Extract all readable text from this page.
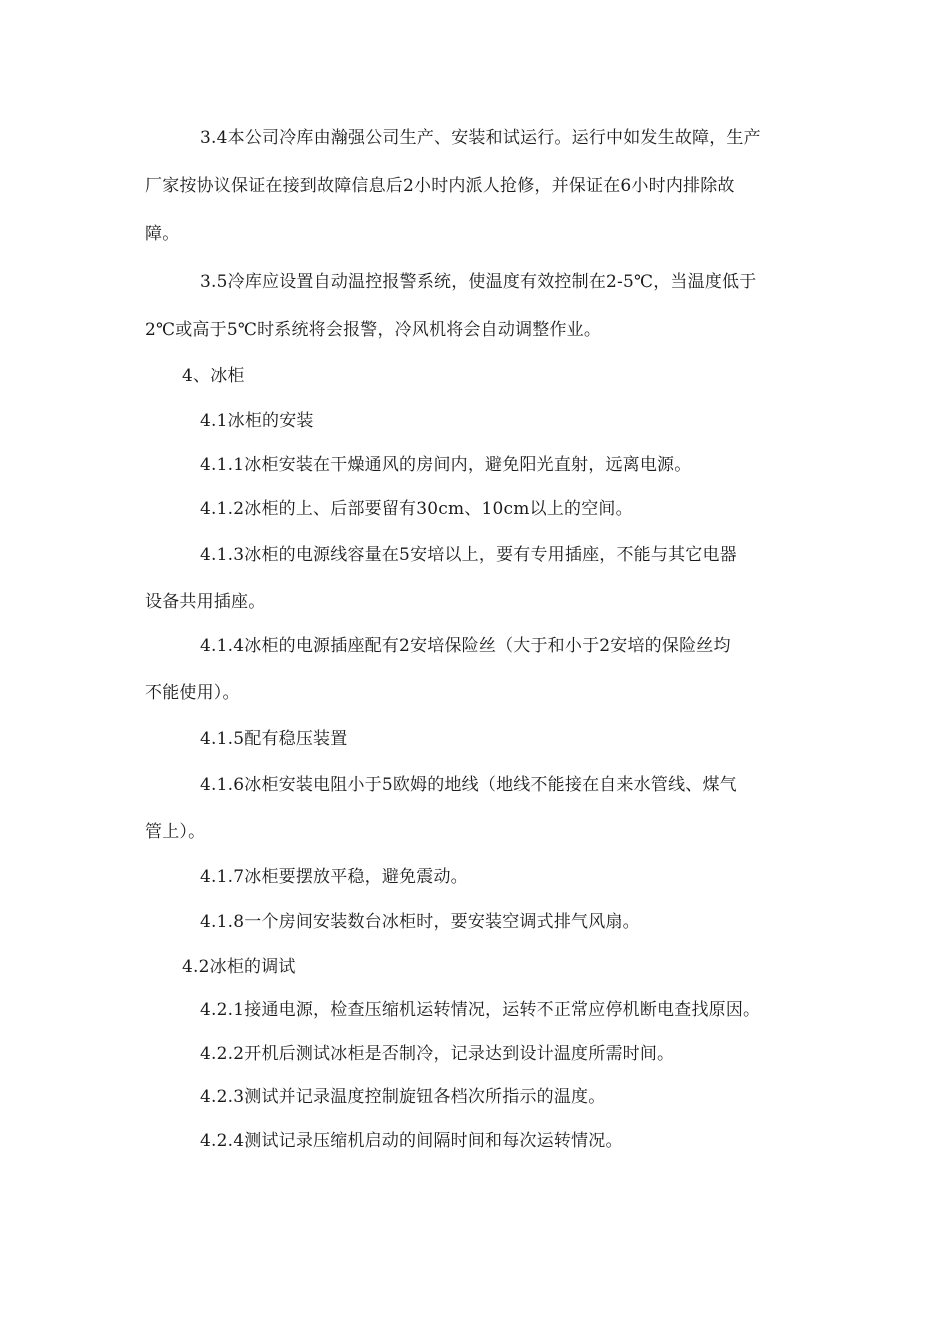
3.4本公司冷库由瀚强公司生产、安装和试运行。运行中如发生故障，生产
厂家按协议保证在接到故障信息后2小时内派人抢修，并保证在6小时内排除故
障。
3.5冷库应设置自动温控报警系统，使温度有效控制在2-5℃，当温度低于
2℃或高于5℃时系统将会报警，冷风机将会自动调整作业。
4、冰柜
4.1冰柜的安装
4.1.1冰柜安装在干燥通风的房间内，避免阳光直射，远离电源。
4.1.2冰柜的上、后部要留有30cm、10cm以上的空间。
4.1.3冰柜的电源线容量在5安培以上，要有专用插座，不能与其它电器
设备共用插座。
4.1.4冰柜的电源插座配有2安培保险丝（大于和小于2安培的保险丝均
不能使用）。
4.1.5配有稳压装置
4.1.6冰柜安装电阻小于5欧姆的地线（地线不能接在自来水管线、煤气
管上）。
4.1.7冰柜要摆放平稳，避免震动。
4.1.8一个房间安装数台冰柜时，要安装空调式排气风扇。
4.2冰柜的调试
4.2.1接通电源，检查压缩机运转情况，运转不正常应停机断电查找原因。
4.2.2开机后测试冰柜是否制冷，记录达到设计温度所需时间。
4.2.3测试并记录温度控制旋钮各档次所指示的温度。
4.2.4测试记录压缩机启动的间隔时间和每次运转情况。
